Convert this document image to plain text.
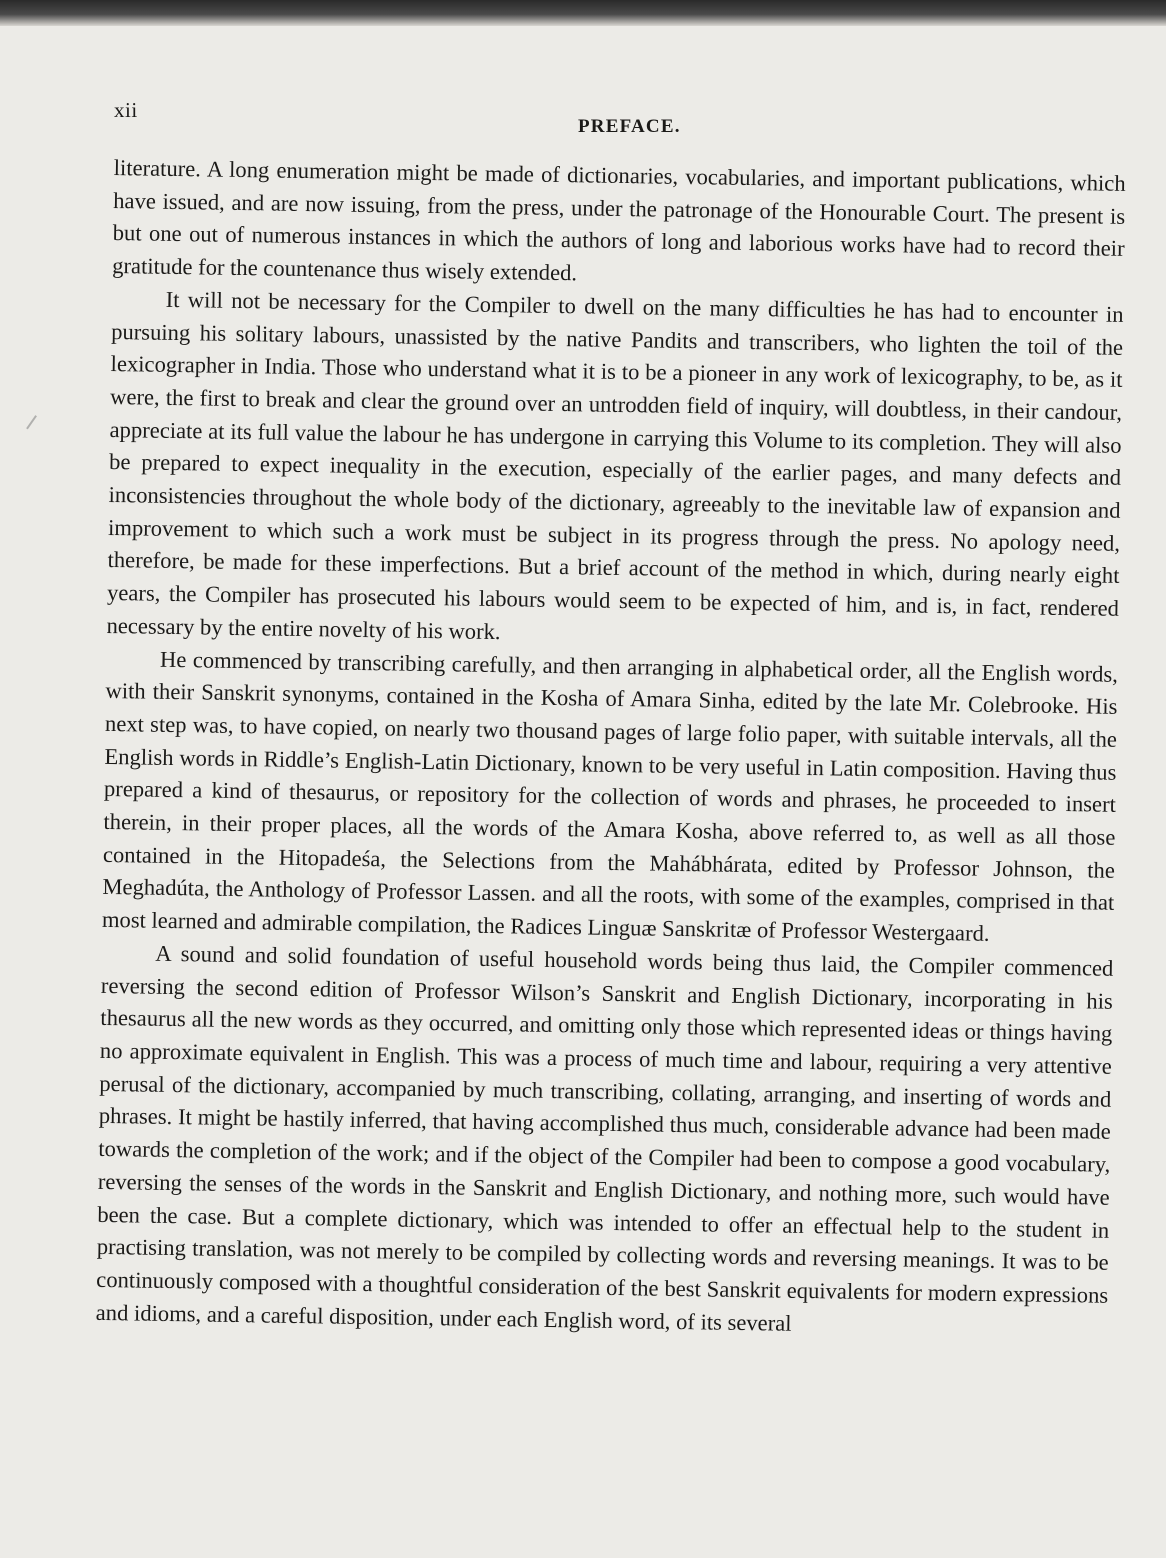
xii
PREFACE.

literature. A long enumeration might be made of dictionaries, vocabularies, and important publications, which have issued, and are now issuing, from the press, under the patronage of the Honourable Court. The present is but one out of numerous instances in which the authors of long and laborious works have had to record their gratitude for the countenance thus wisely extended.

It will not be necessary for the Compiler to dwell on the many difficulties he has had to encounter in pursuing his solitary labours, unassisted by the native Pandits and transcribers, who lighten the toil of the lexicographer in India. Those who understand what it is to be a pioneer in any work of lexicography, to be, as it were, the first to break and clear the ground over an untrodden field of inquiry, will doubtless, in their candour, appreciate at its full value the labour he has undergone in carrying this Volume to its completion. They will also be prepared to expect inequality in the execution, especially of the earlier pages, and many defects and inconsistencies throughout the whole body of the dictionary, agreeably to the inevitable law of expansion and improvement to which such a work must be subject in its progress through the press. No apology need, therefore, be made for these imperfections. But a brief account of the method in which, during nearly eight years, the Compiler has prosecuted his labours would seem to be expected of him, and is, in fact, rendered necessary by the entire novelty of his work.

He commenced by transcribing carefully, and then arranging in alphabetical order, all the English words, with their Sanskrit synonyms, contained in the Kosha of Amara Sinha, edited by the late Mr. Colebrooke. His next step was, to have copied, on nearly two thousand pages of large folio paper, with suitable intervals, all the English words in Riddle’s English-Latin Dictionary, known to be very useful in Latin composition. Having thus prepared a kind of thesaurus, or repository for the collection of words and phrases, he proceeded to insert therein, in their proper places, all the words of the Amara Kosha, above referred to, as well as all those contained in the Hitopadeśa, the Selections from the Mahábhárata, edited by Professor Johnson, the Meghadúta, the Anthology of Professor Lassen. and all the roots, with some of the examples, comprised in that most learned and admirable compilation, the Radices Linguæ Sanskritæ of Professor Westergaard.

A sound and solid foundation of useful household words being thus laid, the Compiler commenced reversing the second edition of Professor Wilson’s Sanskrit and English Dictionary, incorporating in his thesaurus all the new words as they occurred, and omitting only those which represented ideas or things having no approximate equivalent in English. This was a process of much time and labour, requiring a very attentive perusal of the dictionary, accompanied by much transcribing, collating, arranging, and inserting of words and phrases. It might be hastily inferred, that having accomplished thus much, considerable advance had been made towards the completion of the work; and if the object of the Compiler had been to compose a good vocabulary, reversing the senses of the words in the Sanskrit and English Dictionary, and nothing more, such would have been the case. But a complete dictionary, which was intended to offer an effectual help to the student in practising translation, was not merely to be compiled by collecting words and reversing meanings. It was to be continuously composed with a thoughtful consideration of the best Sanskrit equivalents for modern expressions and idioms, and a careful disposition, under each English word, of its several
